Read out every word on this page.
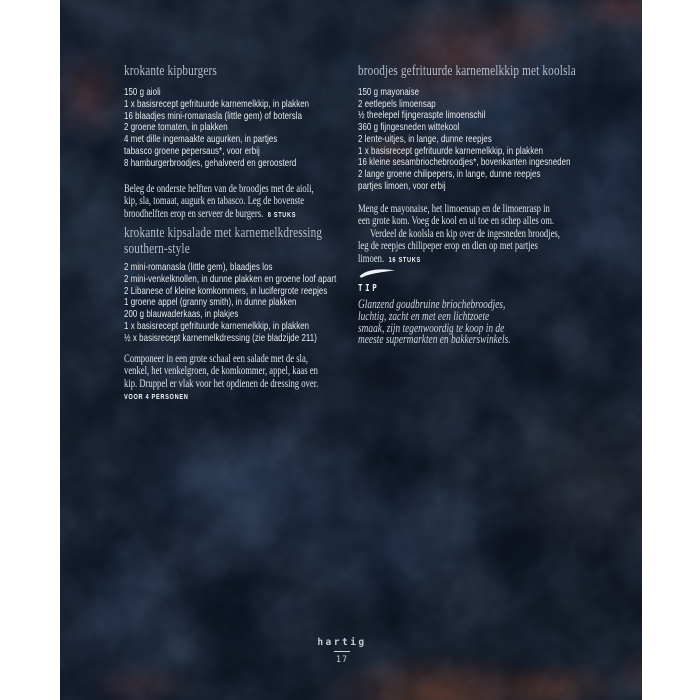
krokante kipburgers
150 g aioli
1 x basisrecept gefrituurde karnemelkkip, in plakken
16 blaadjes mini-romanasla (little gem) of botersla
2 groene tomaten, in plakken
4 met dille ingemaakte augurken, in partjes
tabasco groene pepersaus*, voor erbij
8 hamburgerbroodjes, gehalveerd en geroosterd
Beleg de onderste helften van de broodjes met de aioli,
kip, sla, tomaat, augurk en tabasco. Leg de bovenste
broodhelften erop en serveer de burgers. 8 STUKS
krokante kipsalade met karnemelkdressing
southern-style
2 mini-romanasla (little gem), blaadjes los
2 mini-venkelknollen, in dunne plakken en groene loof apart
2 Libanese of kleine komkommers, in lucifergrote reepjes
1 groene appel (granny smith), in dunne plakken
200 g blauwaderkaas, in plakjes
1 x basisrecept gefrituurde karnemelkkip, in plakken
½ x basisrecept karnemelkdressing (zie bladzijde 211)
Componeer in een grote schaal een salade met de sla,
venkel, het venkelgroen, de komkommer, appel, kaas en
kip. Druppel er vlak voor het opdienen de dressing over.
VOOR 4 PERSONEN
broodjes gefrituurde karnemelkkip met koolsla
150 g mayonaise
2 eetlepels limoensap
½ theelepel fijngeraspte limoenschil
360 g fijngesneden wittekool
2 lente-uitjes, in lange, dunne reepjes
1 x basisrecept gefrituurde karnemelkkip, in plakken
16 kleine sesambriochebroodjes*, bovenkanten ingesneden
2 lange groene chilipepers, in lange, dunne reepjes
partjes limoen, voor erbij
Meng de mayonaise, het limoensap en de limoenrasp in
een grote kom. Voeg de kool en ui toe en schep alles om.
Verdeel de koolsla en kip over de ingesneden broodjes,
leg de reepjes chilipeper erop en dien op met partjes
limoen. 16 STUKS
TIP
Glanzend goudbruine briochebroodjes,
luchtig, zacht en met een lichtzoete
smaak, zijn tegenwoordig te koop in de
meeste supermarkten en bakkerswinkels.
hartig
17
